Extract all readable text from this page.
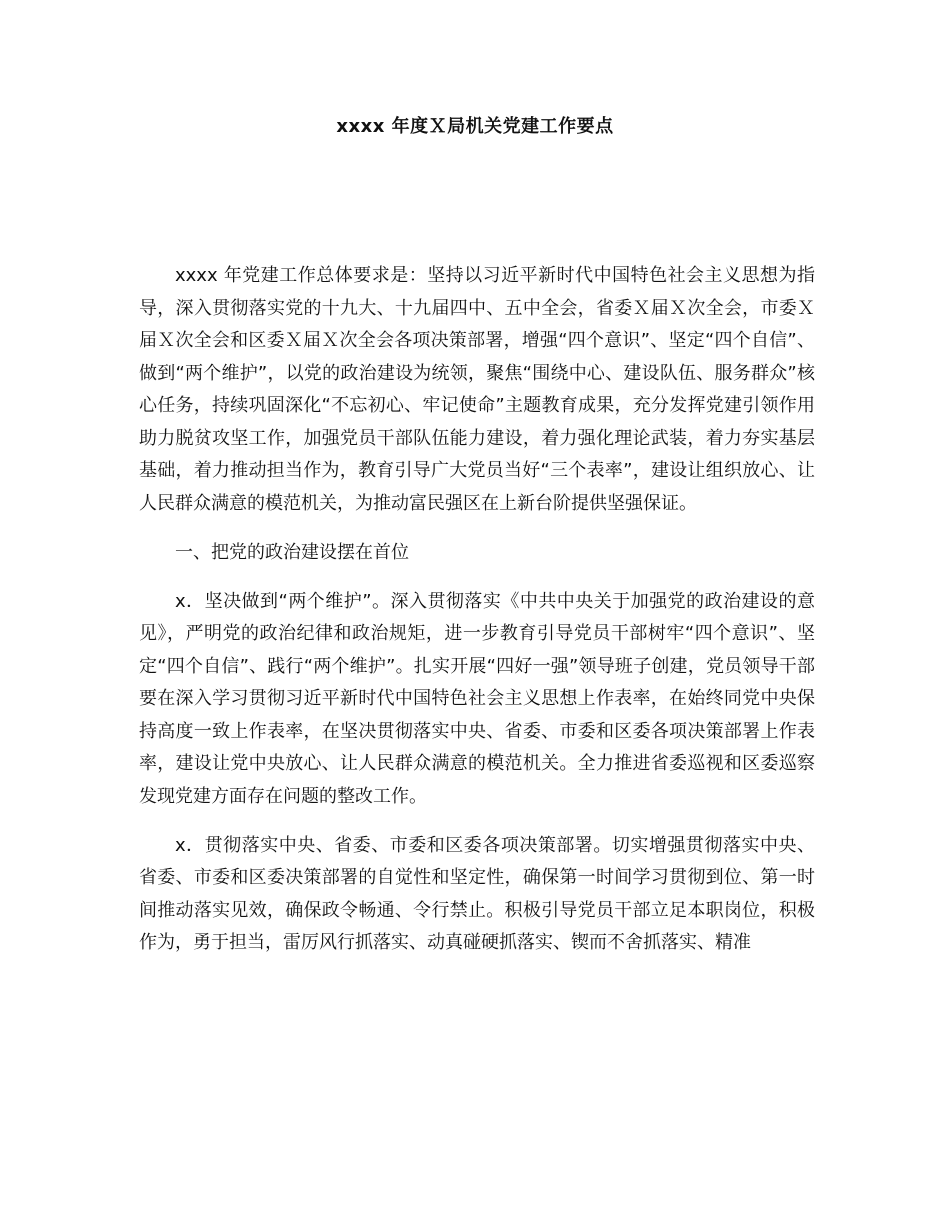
xxxx 年度Ｘ局机关党建工作要点

xxxx 年党建工作总体要求是：坚持以习近平新时代中国特色社会主义思想为指导，深入贯彻落实党的十九大、十九届四中、五中全会，省委Ｘ届Ｘ次全会，市委Ｘ届Ｘ次全会和区委Ｘ届Ｘ次全会各项决策部署，增强“四个意识”、坚定“四个自信”、做到“两个维护”，以党的政治建设为统领，聚焦“围绕中心、建设队伍、服务群众”核心任务，持续巩固深化“不忘初心、牢记使命”主题教育成果，充分发挥党建引领作用助力脱贫攻坚工作，加强党员干部队伍能力建设，着力强化理论武装，着力夯实基层基础，着力推动担当作为，教育引导广大党员当好“三个表率”，建设让组织放心、让人民群众满意的模范机关，为推动富民强区在上新台阶提供坚强保证。

一、把党的政治建设摆在首位

x．坚决做到“两个维护”。深入贯彻落实《中共中央关于加强党的政治建设的意见》，严明党的政治纪律和政治规矩，进一步教育引导党员干部树牢“四个意识”、坚定“四个自信”、践行“两个维护”。扎实开展“四好一强”领导班子创建，党员领导干部要在深入学习贯彻习近平新时代中国特色社会主义思想上作表率，在始终同党中央保持高度一致上作表率，在坚决贯彻落实中央、省委、市委和区委各项决策部署上作表率，建设让党中央放心、让人民群众满意的模范机关。全力推进省委巡视和区委巡察发现党建方面存在问题的整改工作。

x．贯彻落实中央、省委、市委和区委各项决策部署。切实增强贯彻落实中央、省委、市委和区委决策部署的自觉性和坚定性，确保第一时间学习贯彻到位、第一时间推动落实见效，确保政令畅通、令行禁止。积极引导党员干部立足本职岗位，积极作为，勇于担当，雷厉风行抓落实、动真碰硬抓落实、锲而不舍抓落实、精准
